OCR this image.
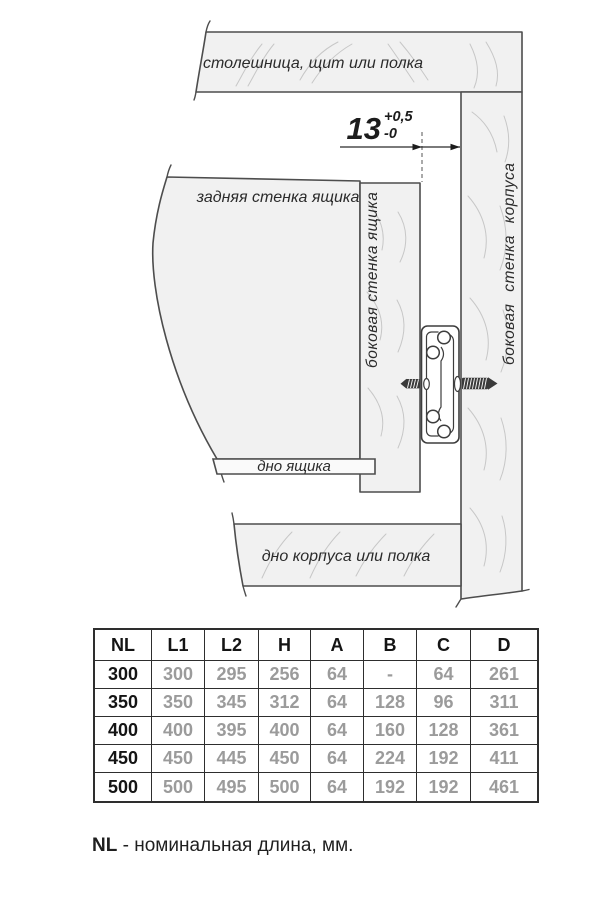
13 +0,5
-0
столешница, щит или полка
задняя стенка ящика боковая стенка ящика	боковая стенка корпуса
дно ящика
дно корпуса или полка
NL	L1	L2	H	A	B	C	D
300	300	295	256	64	-	64	261
350	350	345	312	64	128	96	311
400	400	395	400	64	160	128	361
450	450	445	450	64	224	192	411
500	500	495	500	64	192	192	461
NL - номинальная длина, мм.
